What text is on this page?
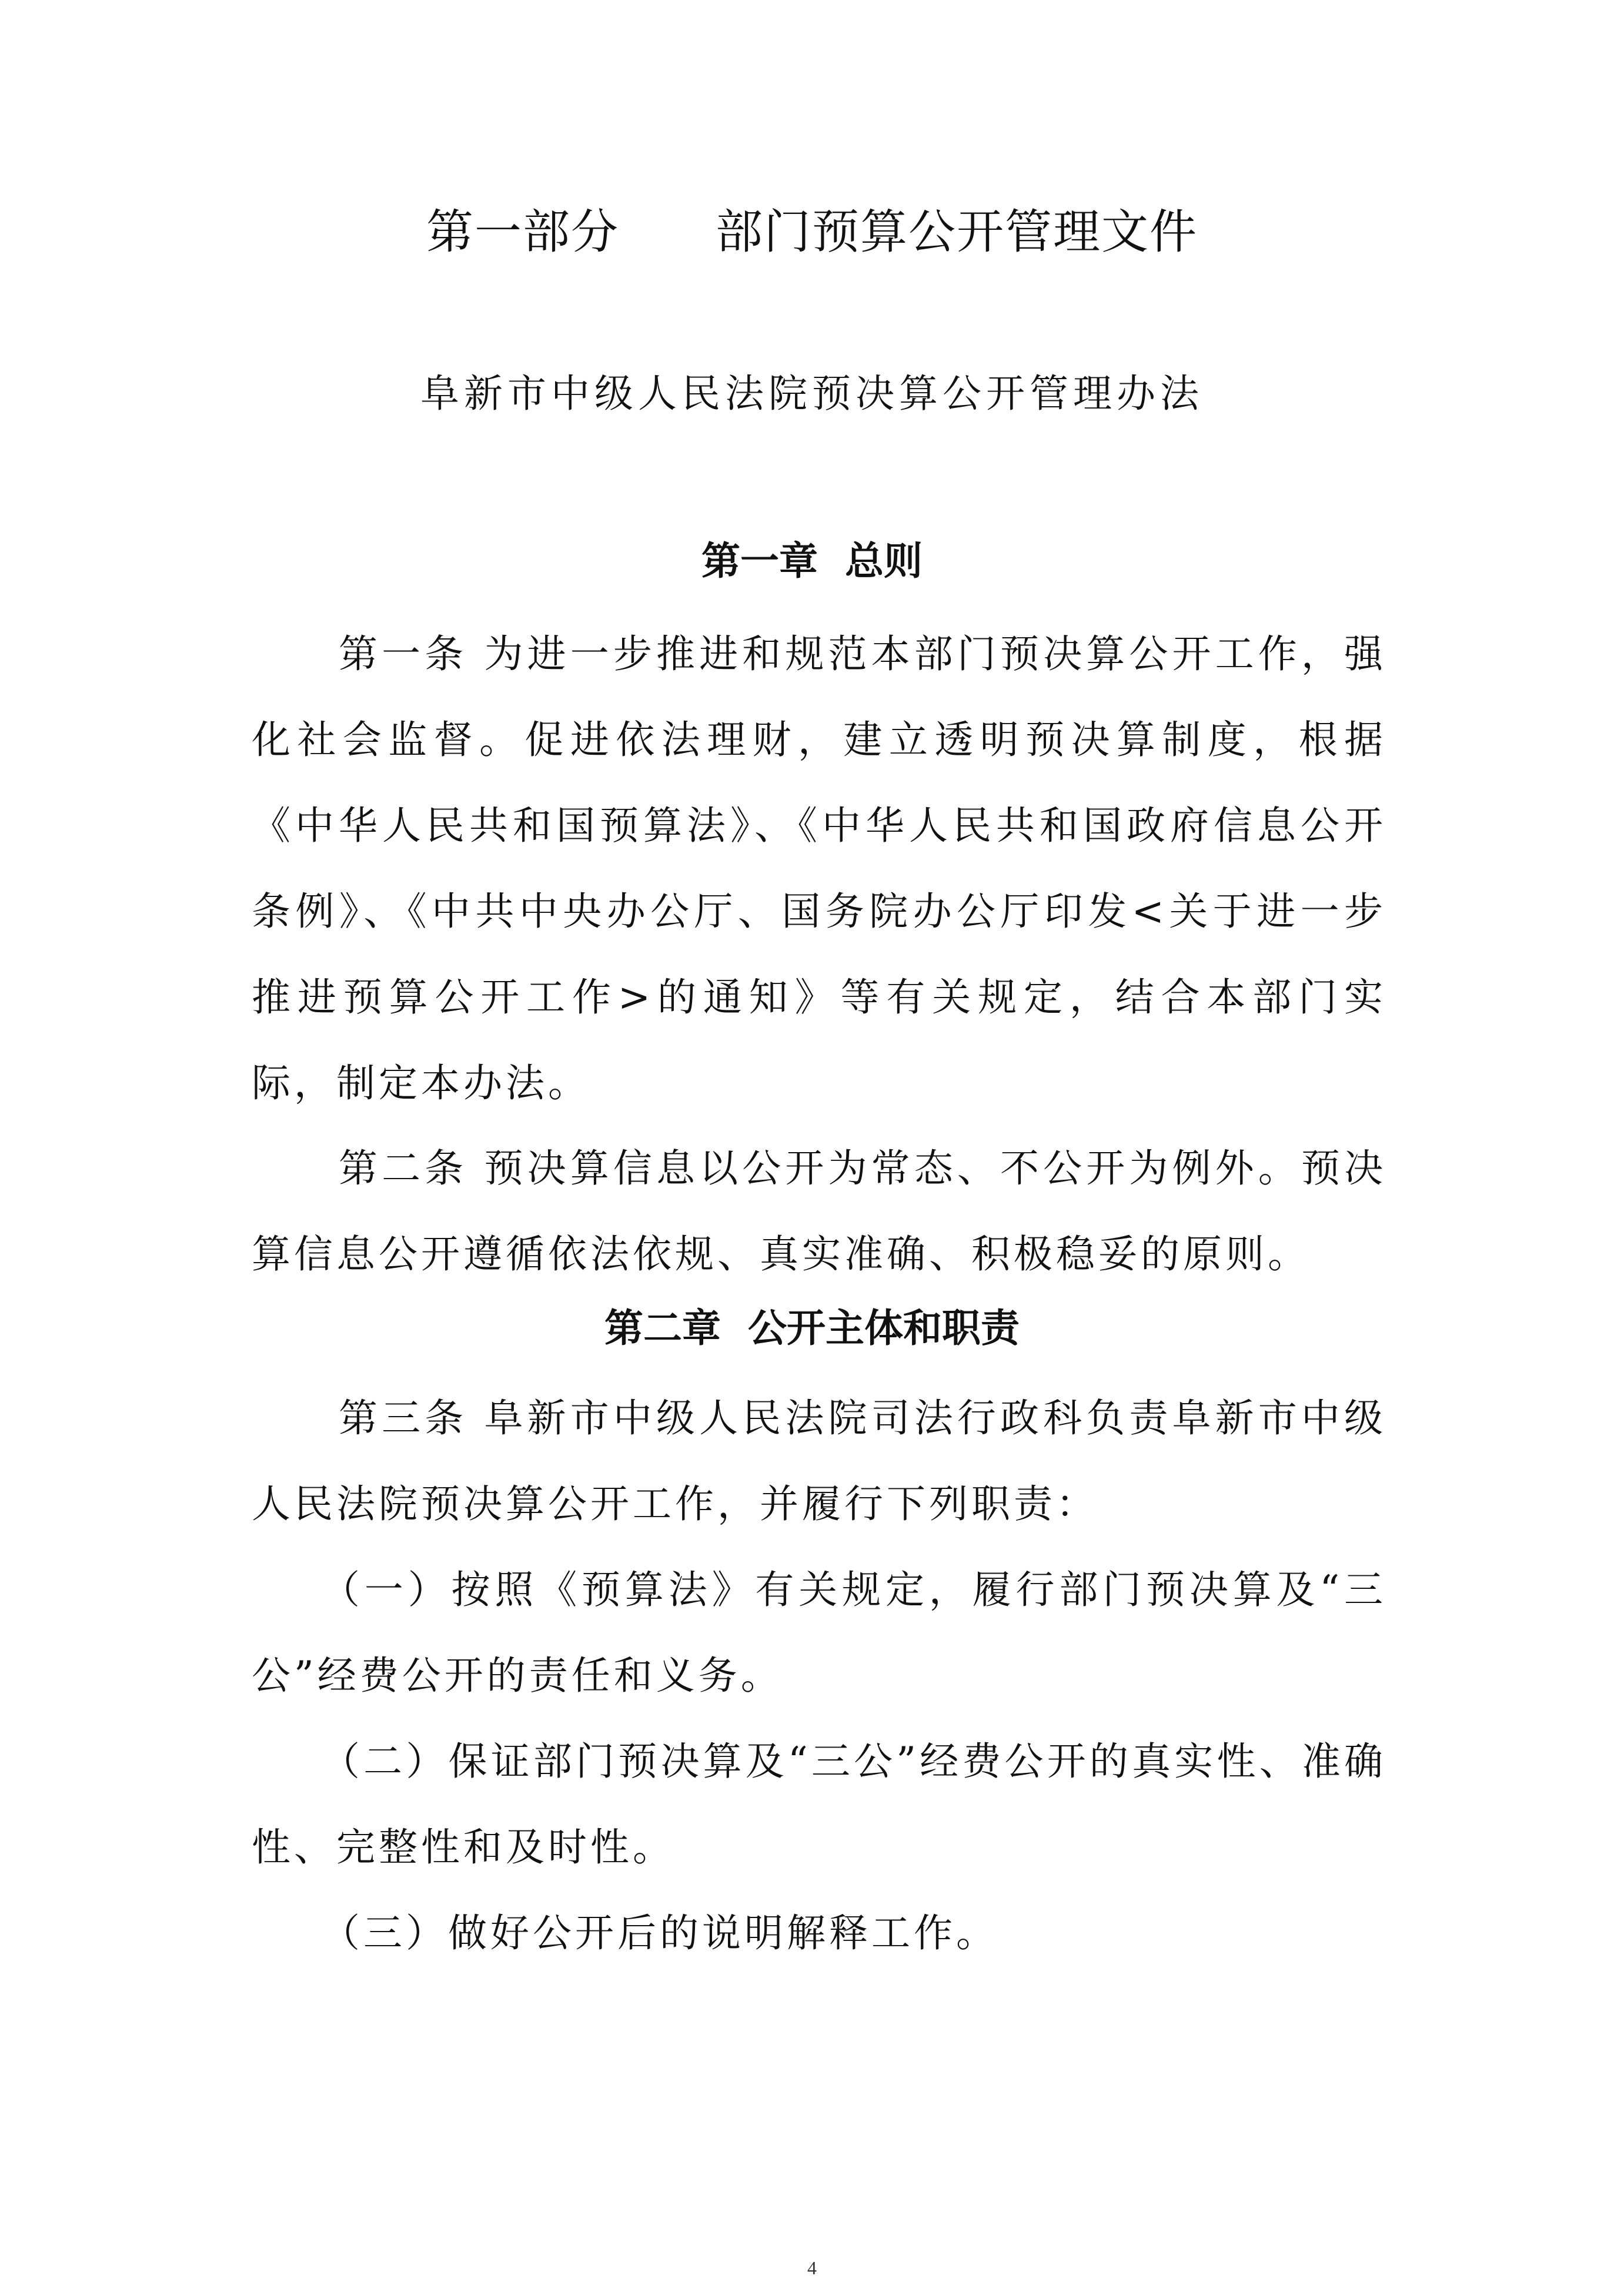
第一部分　　部门预算公开管理文件
阜新市中级人民法院预决算公开管理办法
第一章  总则
第一条 为进一步推进和规范本部门预决算公开工作，强化社会监督。促进依法理财，建立透明预决算制度，根据《中华人民共和国预算法》、《中华人民共和国政府信息公开条例》、《中共中央办公厅、国务院办公厅印发<关于进一步推进预算公开工作>的通知》等有关规定，结合本部门实际，制定本办法。
第二条 预决算信息以公开为常态、不公开为例外。预决算信息公开遵循依法依规、真实准确、积极稳妥的原则。
第二章  公开主体和职责
第三条 阜新市中级人民法院司法行政科负责阜新市中级人民法院预决算公开工作，并履行下列职责：
（一）按照《预算法》有关规定，履行部门预决算及“三公”经费公开的责任和义务。
（二）保证部门预决算及“三公”经费公开的真实性、准确性、完整性和及时性。
（三）做好公开后的说明解释工作。
4
